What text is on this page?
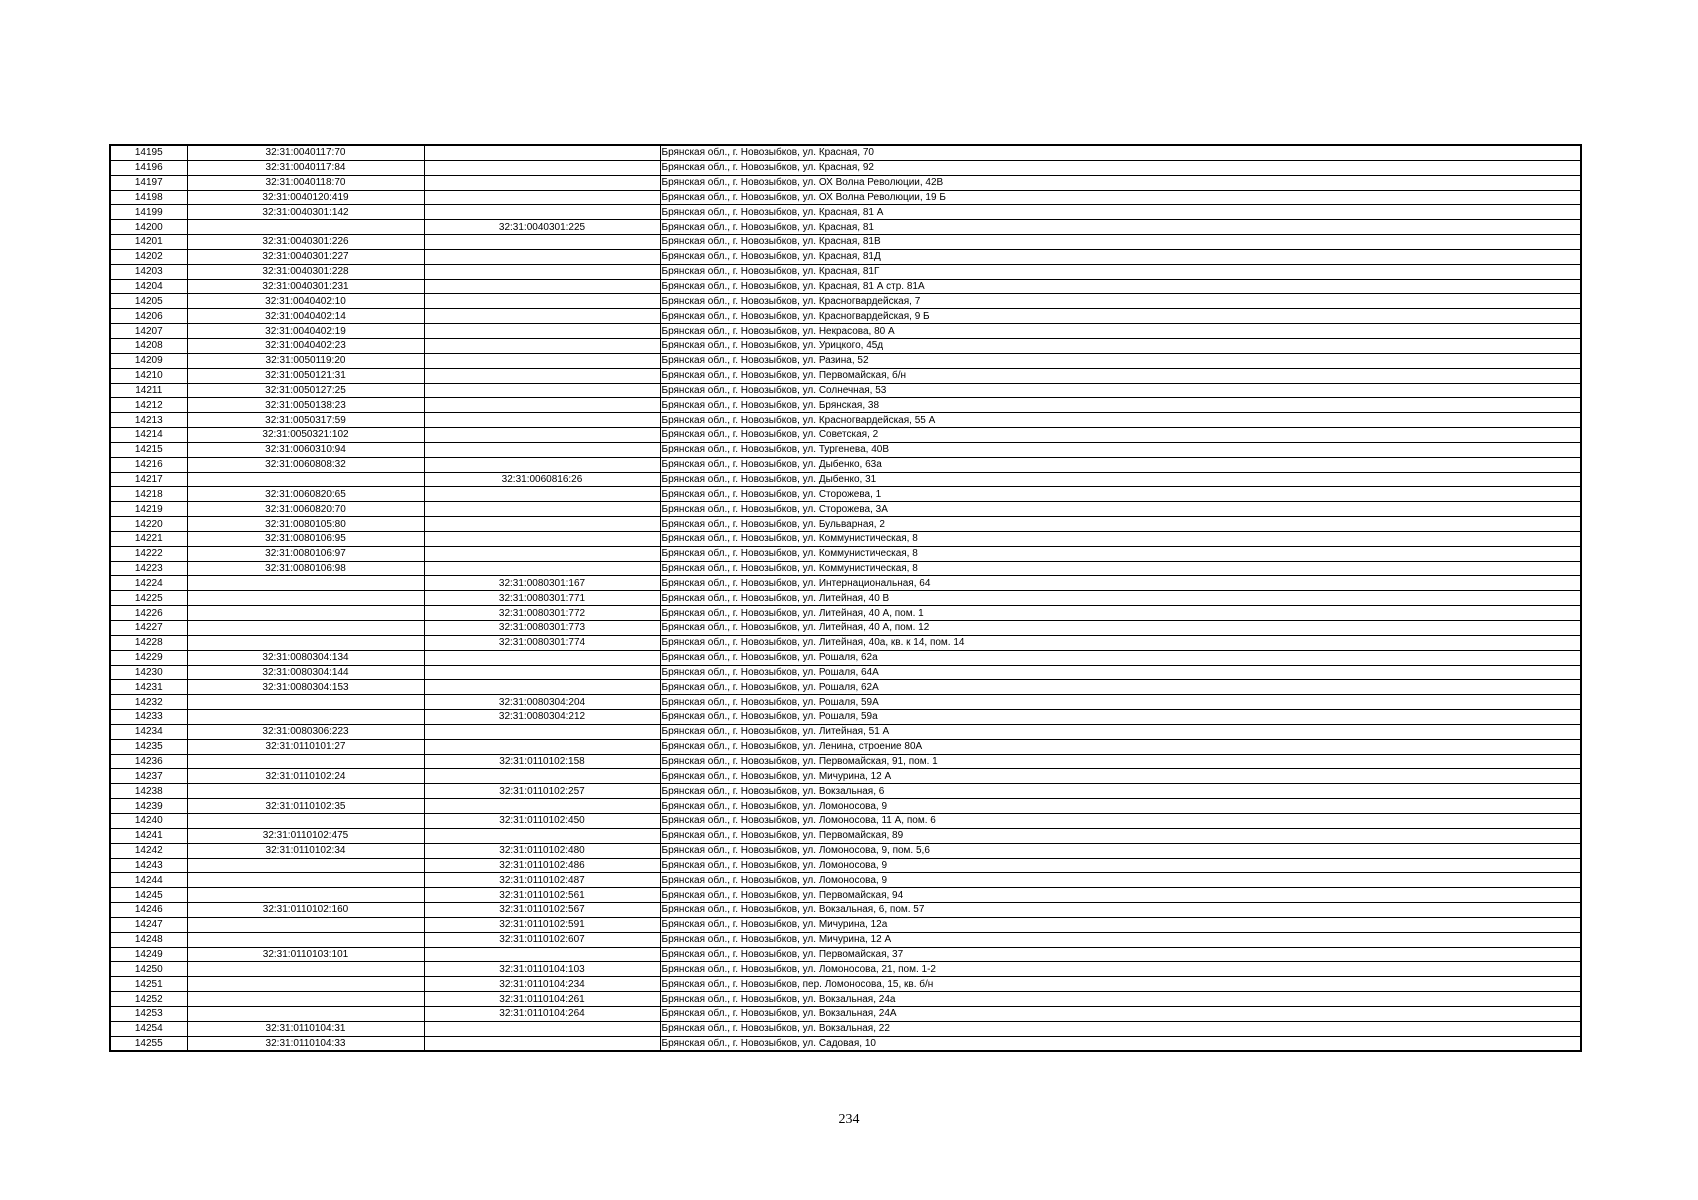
14195	32:31:0040117:70		Брянская обл., г. Новозыбков, ул. Красная, 70
14196	32:31:0040117:84		Брянская обл., г. Новозыбков, ул. Красная, 92
14197	32:31:0040118:70		Брянская обл., г. Новозыбков, ул. ОХ Волна Революции, 42В
14198	32:31:0040120:419		Брянская обл., г. Новозыбков, ул. ОХ Волна Революции, 19 Б
14199	32:31:0040301:142		Брянская обл., г. Новозыбков, ул. Красная, 81 А
14200		32:31:0040301:225	Брянская обл., г. Новозыбков, ул. Красная, 81
14201	32:31:0040301:226		Брянская обл., г. Новозыбков, ул. Красная, 81В
14202	32:31:0040301:227		Брянская обл., г. Новозыбков, ул. Красная, 81Д
14203	32:31:0040301:228		Брянская обл., г. Новозыбков, ул. Красная, 81Г
14204	32:31:0040301:231		Брянская обл., г. Новозыбков, ул. Красная, 81 А стр. 81А
14205	32:31:0040402:10		Брянская обл., г. Новозыбков, ул. Красногвардейская, 7
14206	32:31:0040402:14		Брянская обл., г. Новозыбков, ул. Красногвардейская, 9 Б
14207	32:31:0040402:19		Брянская обл., г. Новозыбков, ул. Некрасова, 80 А
14208	32:31:0040402:23		Брянская обл., г. Новозыбков, ул. Урицкого, 45д
14209	32:31:0050119:20		Брянская обл., г. Новозыбков, ул. Разина, 52
14210	32:31:0050121:31		Брянская обл., г. Новозыбков, ул. Первомайская, б/н
14211	32:31:0050127:25		Брянская обл., г. Новозыбков, ул. Солнечная, 53
14212	32:31:0050138:23		Брянская обл., г. Новозыбков, ул. Брянская, 38
14213	32:31:0050317:59		Брянская обл., г. Новозыбков, ул. Красногвардейская, 55 А
14214	32:31:0050321:102		Брянская обл., г. Новозыбков, ул. Советская, 2
14215	32:31:0060310:94		Брянская обл., г. Новозыбков, ул. Тургенева, 40В
14216	32:31:0060808:32		Брянская обл., г. Новозыбков, ул. Дыбенко, 63а
14217		32:31:0060816:26	Брянская обл., г. Новозыбков, ул. Дыбенко, 31
14218	32:31:0060820:65		Брянская обл., г. Новозыбков, ул. Сторожева, 1
14219	32:31:0060820:70		Брянская обл., г. Новозыбков, ул. Сторожева, 3А
14220	32:31:0080105:80		Брянская обл., г. Новозыбков, ул. Бульварная, 2
14221	32:31:0080106:95		Брянская обл., г. Новозыбков, ул. Коммунистическая, 8
14222	32:31:0080106:97		Брянская обл., г. Новозыбков, ул. Коммунистическая, 8
14223	32:31:0080106:98		Брянская обл., г. Новозыбков, ул. Коммунистическая, 8
14224		32:31:0080301:167	Брянская обл., г. Новозыбков, ул. Интернациональная, 64
14225		32:31:0080301:771	Брянская обл., г. Новозыбков, ул. Литейная, 40 В
14226		32:31:0080301:772	Брянская обл., г. Новозыбков, ул. Литейная, 40 А, пом. 1
14227		32:31:0080301:773	Брянская обл., г. Новозыбков, ул. Литейная, 40 А, пом. 12
14228		32:31:0080301:774	Брянская обл., г. Новозыбков, ул. Литейная, 40а, кв. к 14, пом. 14
14229	32:31:0080304:134		Брянская обл., г. Новозыбков, ул. Рошаля, 62а
14230	32:31:0080304:144		Брянская обл., г. Новозыбков, ул. Рошаля, 64А
14231	32:31:0080304:153		Брянская обл., г. Новозыбков, ул. Рошаля, 62А
14232		32:31:0080304:204	Брянская обл., г. Новозыбков, ул. Рошаля, 59А
14233		32:31:0080304:212	Брянская обл., г. Новозыбков, ул. Рошаля, 59а
14234	32:31:0080306:223		Брянская обл., г. Новозыбков, ул. Литейная, 51 А
14235	32:31:0110101:27		Брянская обл., г. Новозыбков, ул. Ленина, строение 80А
14236		32:31:0110102:158	Брянская обл., г. Новозыбков, ул. Первомайская, 91, пом. 1
14237	32:31:0110102:24		Брянская обл., г. Новозыбков, ул. Мичурина, 12 А
14238		32:31:0110102:257	Брянская обл., г. Новозыбков, ул. Вокзальная, 6
14239	32:31:0110102:35		Брянская обл., г. Новозыбков, ул. Ломоносова, 9
14240		32:31:0110102:450	Брянская обл., г. Новозыбков, ул. Ломоносова, 11 А, пом. 6
14241	32:31:0110102:475		Брянская обл., г. Новозыбков, ул. Первомайская, 89
14242	32:31:0110102:34	32:31:0110102:480	Брянская обл., г. Новозыбков, ул. Ломоносова, 9, пом. 5,6
14243		32:31:0110102:486	Брянская обл., г. Новозыбков, ул. Ломоносова, 9
14244		32:31:0110102:487	Брянская обл., г. Новозыбков, ул. Ломоносова, 9
14245		32:31:0110102:561	Брянская обл., г. Новозыбков, ул. Первомайская, 94
14246	32:31:0110102:160	32:31:0110102:567	Брянская обл., г. Новозыбков, ул. Вокзальная, 6, пом. 57
14247		32:31:0110102:591	Брянская обл., г. Новозыбков, ул. Мичурина, 12а
14248		32:31:0110102:607	Брянская обл., г. Новозыбков, ул. Мичурина, 12 А
14249	32:31:0110103:101		Брянская обл., г. Новозыбков, ул. Первомайская, 37
14250		32:31:0110104:103	Брянская обл., г. Новозыбков, ул. Ломоносова, 21, пом. 1-2
14251		32:31:0110104:234	Брянская обл., г. Новозыбков, пер. Ломоносова, 15, кв. б/н
14252		32:31:0110104:261	Брянская обл., г. Новозыбков, ул. Вокзальная, 24а
14253		32:31:0110104:264	Брянская обл., г. Новозыбков, ул. Вокзальная, 24А
14254	32:31:0110104:31		Брянская обл., г. Новозыбков, ул. Вокзальная, 22
14255	32:31:0110104:33		Брянская обл., г. Новозыбков, ул. Садовая, 10
234
